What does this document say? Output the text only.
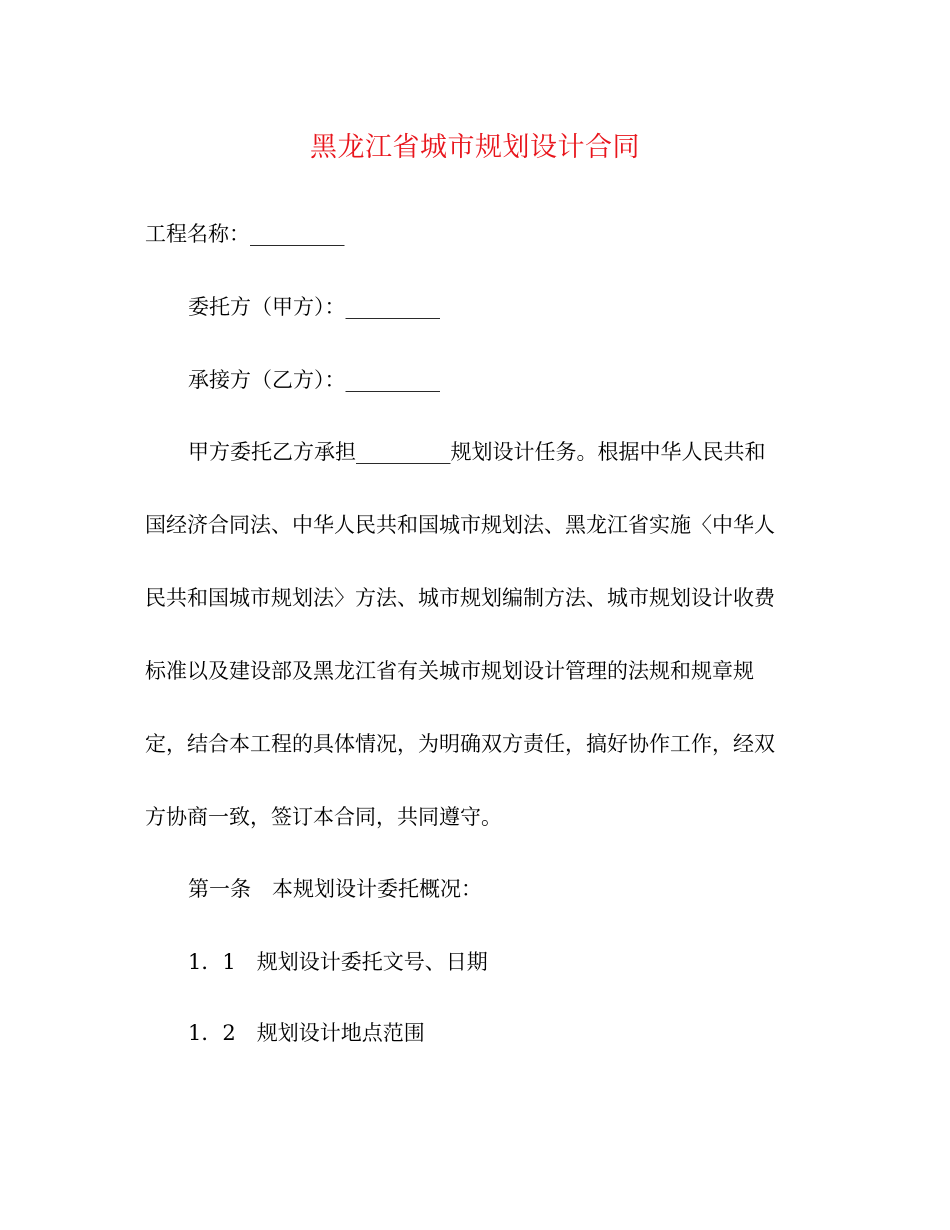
黑龙江省城市规划设计合同
工程名称：_________
委托方（甲方）：_________
承接方（乙方）：_________
甲方委托乙方承担_________规划设计任务。根据中华人民共和
国经济合同法、中华人民共和国城市规划法、黑龙江省实施〈中华人
民共和国城市规划法〉方法、城市规划编制方法、城市规划设计收费
标准以及建设部及黑龙江省有关城市规划设计管理的法规和规章规
定，结合本工程的具体情况，为明确双方责任，搞好协作工作，经双
方协商一致，签订本合同，共同遵守。
第一条　本规划设计委托概况：
1．1　规划设计委托文号、日期
1．2　规划设计地点范围
